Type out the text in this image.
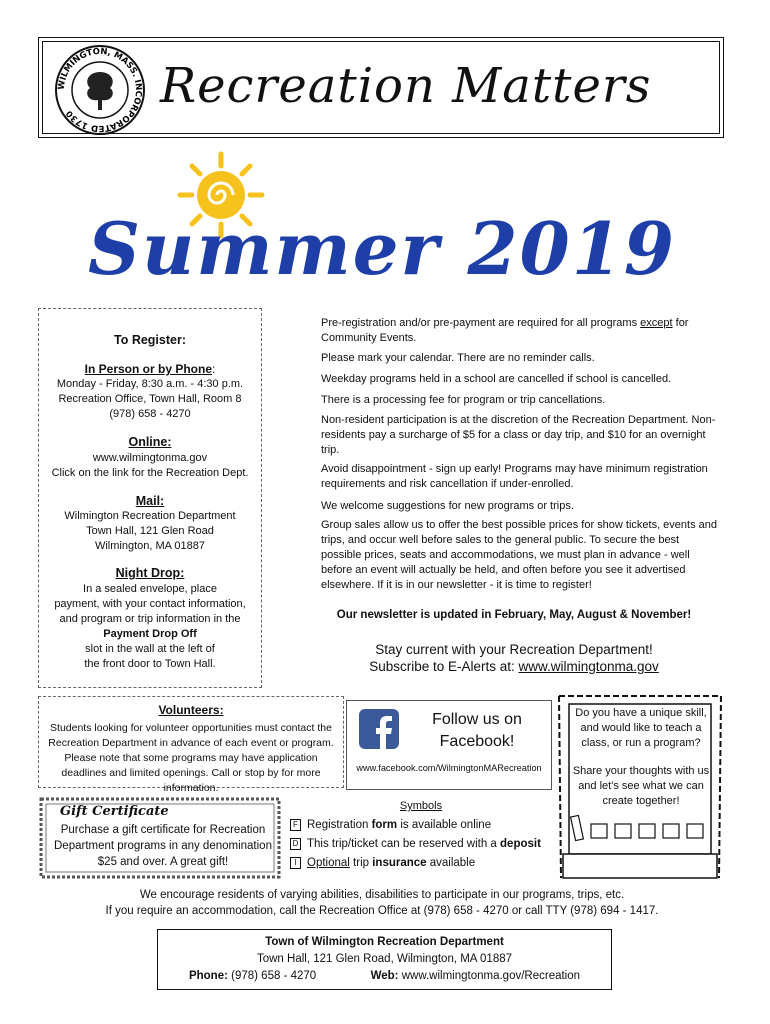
WILMINGTON, MASS. INCORPORATED 1730	Recreation Matters
Summer 2019
To Register:
In Person or by Phone:
Monday - Friday, 8:30 a.m. - 4:30 p.m.
Recreation Office, Town Hall, Room 8
(978) 658 - 4270
Online:
www.wilmingtonma.gov
Click on the link for the Recreation Dept.
Mail:
Wilmington Recreation Department
Town Hall, 121 Glen Road
Wilmington, MA 01887
Night Drop:
In a sealed envelope, place
payment, with your contact information,
and program or trip information in the
Payment Drop Off
slot in the wall at the left of
the front door to Town Hall.
Pre-registration and/or pre-payment are required for all programs except for Community Events.
Please mark your calendar. There are no reminder calls.
Weekday programs held in a school are cancelled if school is cancelled.
There is a processing fee for program or trip cancellations.
Non-resident participation is at the discretion of the Recreation Department. Non-residents pay a surcharge of $5 for a class or day trip, and $10 for an overnight trip.
Avoid disappointment - sign up early! Programs may have minimum registration requirements and risk cancellation if under-enrolled.
We welcome suggestions for new programs or trips.
Group sales allow us to offer the best possible prices for show tickets, events and trips, and occur well before sales to the general public. To secure the best possible prices, seats and accommodations, we must plan in advance - well before an event will actually be held, and often before you see it advertised elsewhere. If it is in our newsletter - it is time to register!
Our newsletter is updated in February, May, August & November!
Stay current with your Recreation Department!
Subscribe to E-Alerts at: www.wilmingtonma.gov
Volunteers:
Students looking for volunteer opportunities must contact the Recreation Department in advance of each event or program. Please note that some programs may have application deadlines and limited openings. Call or stop by for more information.
Follow us on
Facebook!
www.facebook.com/WilmingtonMARecreation
Do you have a unique skill, and would like to teach a class, or run a program?
Share your thoughts with us and let's see what we can create together!
Gift Certificate
Purchase a gift certificate for Recreation Department programs in any denomination $25 and over. A great gift!
Symbols
F Registration form is available online
D This trip/ticket can be reserved with a deposit
I Optional trip insurance available
We encourage residents of varying abilities, disabilities to participate in our programs, trips, etc.
If you require an accommodation, call the Recreation Office at (978) 658 - 4270 or call TTY (978) 694 - 1417.
Town of Wilmington Recreation Department
Town Hall, 121 Glen Road, Wilmington, MA 01887
Phone: (978) 658 - 4270	Web: www.wilmingtonma.gov/Recreation
